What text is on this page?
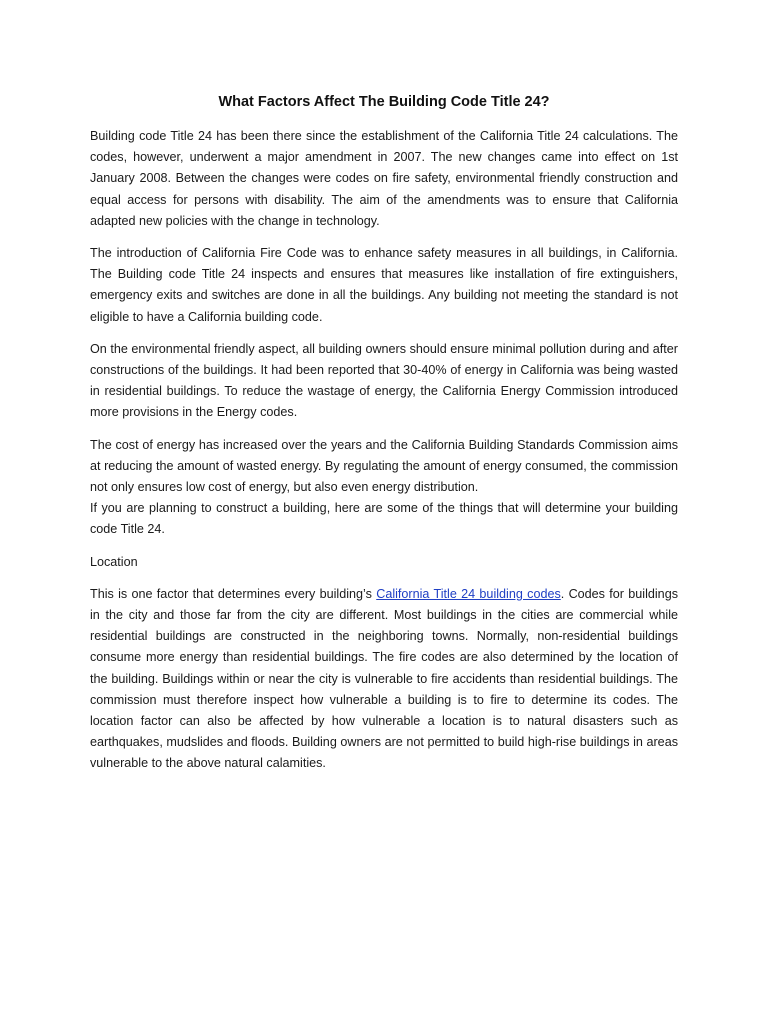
What Factors Affect The Building Code Title 24?

Building code Title 24 has been there since the establishment of the California Title 24 calculations. The codes, however, underwent a major amendment in 2007. The new changes came into effect on 1st January 2008. Between the changes were codes on fire safety, environmental friendly construction and equal access for persons with disability. The aim of the amendments was to ensure that California adapted new policies with the change in technology.

The introduction of California Fire Code was to enhance safety measures in all buildings, in California. The Building code Title 24 inspects and ensures that measures like installation of fire extinguishers, emergency exits and switches are done in all the buildings. Any building not meeting the standard is not eligible to have a California building code.

On the environmental friendly aspect, all building owners should ensure minimal pollution during and after constructions of the buildings. It had been reported that 30-40% of energy in California was being wasted in residential buildings. To reduce the wastage of energy, the California Energy Commission introduced more provisions in the Energy codes.

The cost of energy has increased over the years and the California Building Standards Commission aims at reducing the amount of wasted energy. By regulating the amount of energy consumed, the commission not only ensures low cost of energy, but also even energy distribution.

If you are planning to construct a building, here are some of the things that will determine your building code Title 24.

Location

This is one factor that determines every building’s California Title 24 building codes. Codes for buildings in the city and those far from the city are different. Most buildings in the cities are commercial while residential buildings are constructed in the neighboring towns. Normally, non-residential buildings consume more energy than residential buildings. The fire codes are also determined by the location of the building. Buildings within or near the city is vulnerable to fire accidents than residential buildings. The commission must therefore inspect how vulnerable a building is to fire to determine its codes. The location factor can also be affected by how vulnerable a location is to natural disasters such as earthquakes, mudslides and floods. Building owners are not permitted to build high-rise buildings in areas vulnerable to the above natural calamities.
